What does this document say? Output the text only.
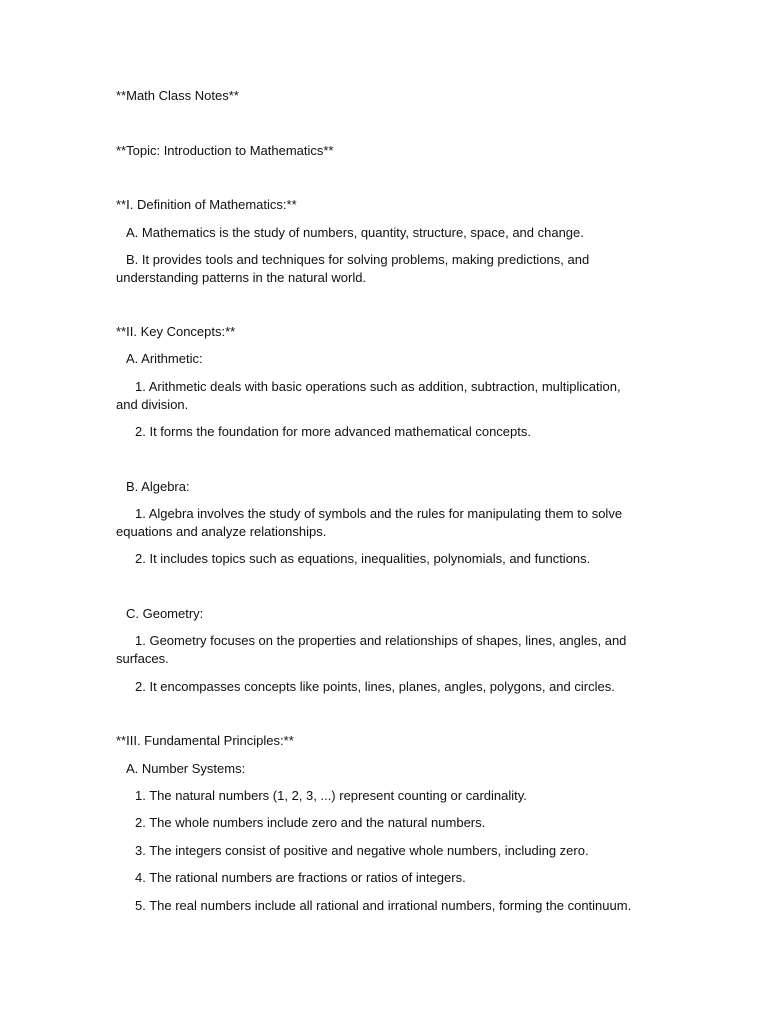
**Math Class Notes**
**Topic: Introduction to Mathematics**
**I. Definition of Mathematics:**
A. Mathematics is the study of numbers, quantity, structure, space, and change.
B. It provides tools and techniques for solving problems, making predictions, and
understanding patterns in the natural world.
**II. Key Concepts:**
A. Arithmetic:
1. Arithmetic deals with basic operations such as addition, subtraction, multiplication,
and division.
2. It forms the foundation for more advanced mathematical concepts.
B. Algebra:
1. Algebra involves the study of symbols and the rules for manipulating them to solve
equations and analyze relationships.
2. It includes topics such as equations, inequalities, polynomials, and functions.
C. Geometry:
1. Geometry focuses on the properties and relationships of shapes, lines, angles, and
surfaces.
2. It encompasses concepts like points, lines, planes, angles, polygons, and circles.
**III. Fundamental Principles:**
A. Number Systems:
1. The natural numbers (1, 2, 3, ...) represent counting or cardinality.
2. The whole numbers include zero and the natural numbers.
3. The integers consist of positive and negative whole numbers, including zero.
4. The rational numbers are fractions or ratios of integers.
5. The real numbers include all rational and irrational numbers, forming the continuum.
